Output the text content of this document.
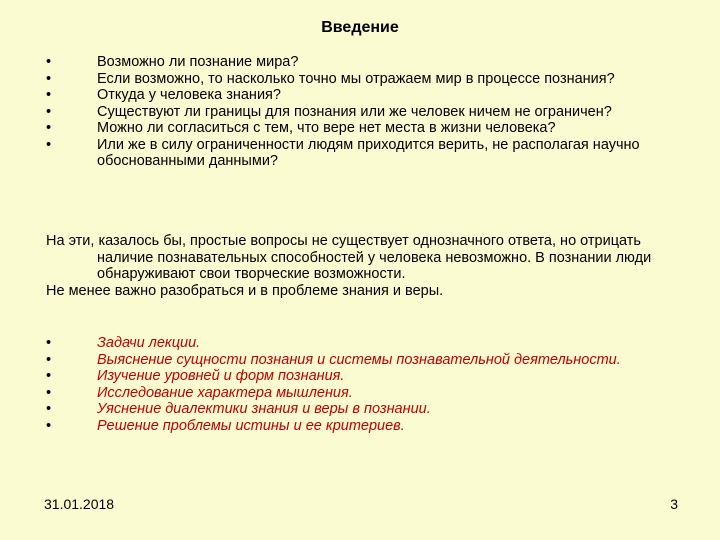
Введение
•	Возможно ли познание мира?
•	Если возможно, то насколько точно мы отражаем мир в процессе познания?
•	Откуда у человека знания?
•	Существуют ли границы для познания или же человек ничем не ограничен?
•	Можно ли согласиться с тем, что вере нет места в жизни человека?
•	Или же в силу ограниченности людям приходится верить, не располагая научно обоснованными данными?

На эти, казалось бы, простые вопросы не существует однозначного ответа, но отрицать наличие познавательных способностей у человека невозможно. В познании люди обнаруживают свои творческие возможности.

Не менее важно разобраться и в проблеме знания и веры.

•	Задачи лекции.
•	Выяснение сущности познания и системы познавательной деятельности.
•	Изучение уровней и форм познания.
•	Исследование характера мышления.
•	Уяснение диалектики знания и веры в познании.
•	Решение проблемы истины и ее критериев.
31.01.2018	3
